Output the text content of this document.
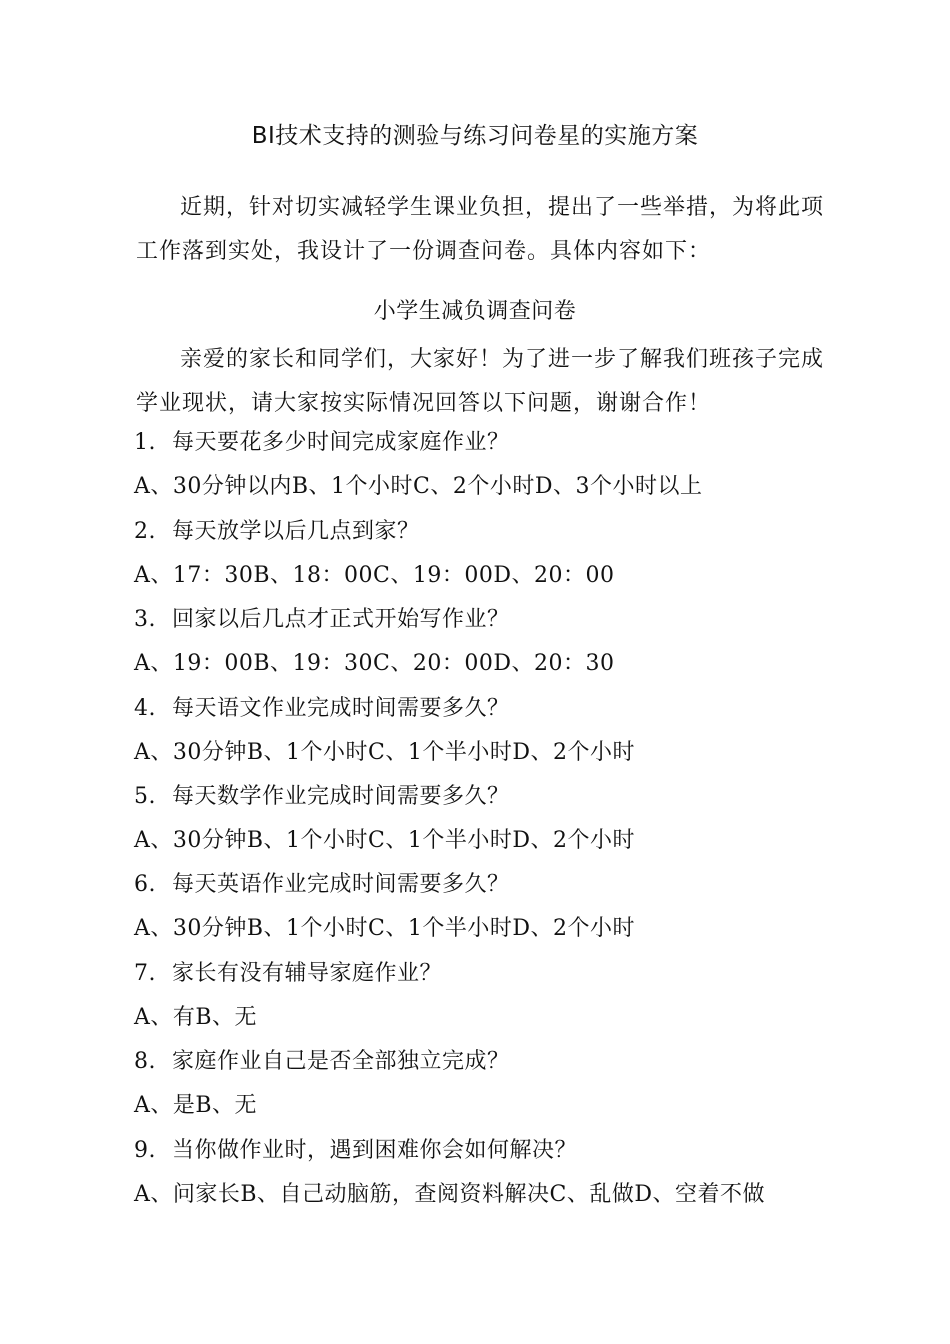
BI技术支持的测验与练习问卷星的实施方案
近期，针对切实减轻学生课业负担，提出了一些举措，为将此项工作落到实处，我设计了一份调查问卷。具体内容如下：
小学生减负调查问卷
亲爱的家长和同学们，大家好！为了进一步了解我们班孩子完成学业现状，请大家按实际情况回答以下问题，谢谢合作！
1. 每天要花多少时间完成家庭作业？
A、30分钟以内B、1个小时C、2个小时D、3个小时以上
2. 每天放学以后几点到家？
A、17：30B、18：00C、19：00D、20：00
3. 回家以后几点才正式开始写作业？
A、19：00B、19：30C、20：00D、20：30
4. 每天语文作业完成时间需要多久？
A、30分钟B、1个小时C、1个半小时D、2个小时
5. 每天数学作业完成时间需要多久？
A、30分钟B、1个小时C、1个半小时D、2个小时
6. 每天英语作业完成时间需要多久？
A、30分钟B、1个小时C、1个半小时D、2个小时
7. 家长有没有辅导家庭作业？
A、有B、无
8. 家庭作业自己是否全部独立完成？
A、是B、无
9. 当你做作业时，遇到困难你会如何解决？
A、问家长B、自己动脑筋，查阅资料解决C、乱做D、空着不做
